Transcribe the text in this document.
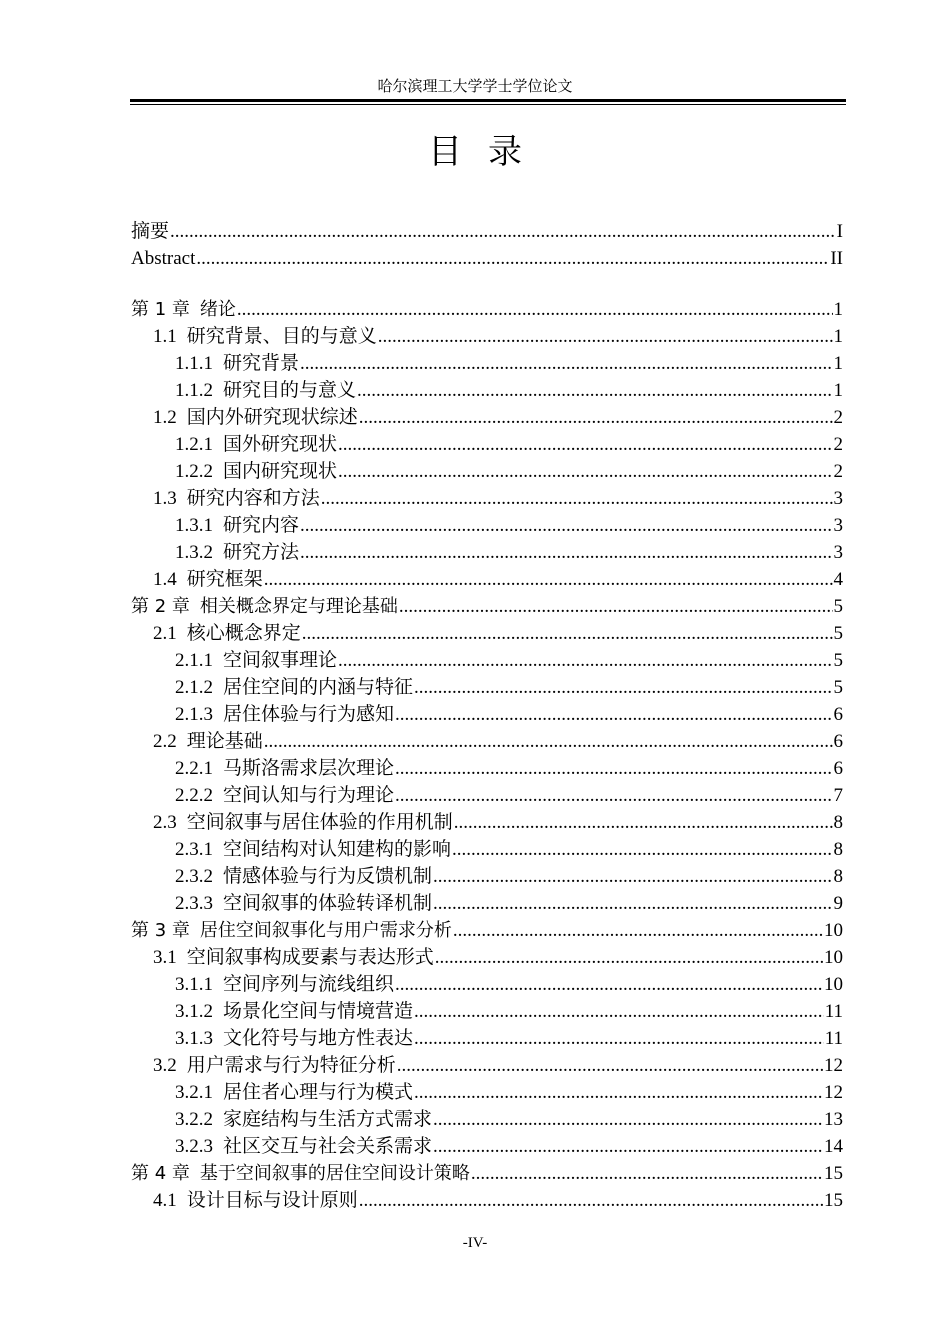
哈尔滨理工大学学士学位论文
目录
摘要 .....	I
Abstract .....	II
第 1 章 绪论 .....	1
1.1 研究背景、目的与意义 .....	1
1.1.1 研究背景 .....	1
1.1.2 研究目的与意义 .....	1
1.2 国内外研究现状综述 .....	2
1.2.1 国外研究现状 .....	2
1.2.2 国内研究现状 .....	2
1.3 研究内容和方法 .....	3
1.3.1 研究内容 .....	3
1.3.2 研究方法 .....	3
1.4 研究框架 .....	4
第 2 章 相关概念界定与理论基础 .....	5
2.1 核心概念界定 .....	5
2.1.1 空间叙事理论 .....	5
2.1.2 居住空间的内涵与特征 .....	5
2.1.3 居住体验与行为感知 .....	6
2.2 理论基础 .....	6
2.2.1 马斯洛需求层次理论 .....	6
2.2.2 空间认知与行为理论 .....	7
2.3 空间叙事与居住体验的作用机制 .....	8
2.3.1 空间结构对认知建构的影响 .....	8
2.3.2 情感体验与行为反馈机制 .....	8
2.3.3 空间叙事的体验转译机制 .....	9
第 3 章 居住空间叙事化与用户需求分析 .....	10
3.1 空间叙事构成要素与表达形式 .....	10
3.1.1 空间序列与流线组织 .....	10
3.1.2 场景化空间与情境营造 .....	11
3.1.3 文化符号与地方性表达 .....	11
3.2 用户需求与行为特征分析 .....	12
3.2.1 居住者心理与行为模式 .....	12
3.2.2 家庭结构与生活方式需求 .....	13
3.2.3 社区交互与社会关系需求 .....	14
第 4 章 基于空间叙事的居住空间设计策略 .....	15
4.1 设计目标与设计原则 .....	15
-IV-
